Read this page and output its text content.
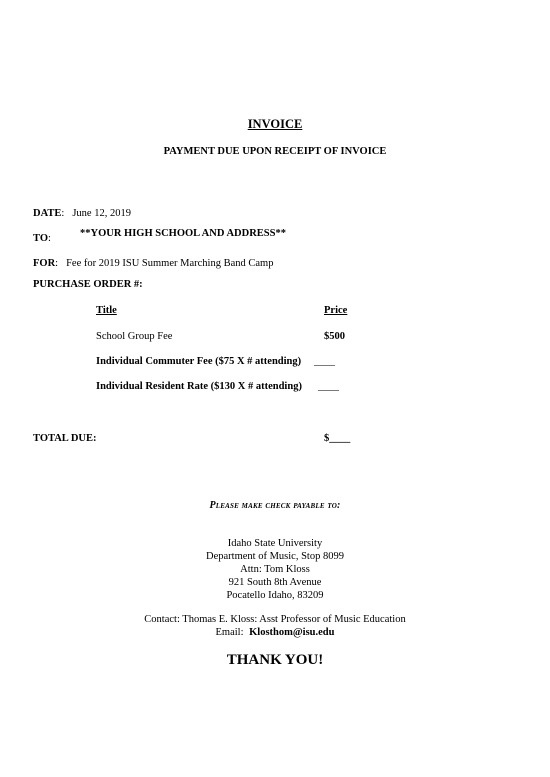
INVOICE
PAYMENT DUE UPON RECEIPT OF INVOICE
DATE: June 12, 2019
TO:	**YOUR HIGH SCHOOL AND ADDRESS**
FOR: Fee for 2019 ISU Summer Marching Band Camp
PURCHASE ORDER #:
Title	Price
School Group Fee	$500
Individual Commuter Fee ($75 X # attending) ____
Individual Resident Rate ($130 X # attending) ____
TOTAL DUE:	$____
Please make check payable to:
Idaho State University
Department of Music, Stop 8099
Attn: Tom Kloss
921 South 8th Avenue
Pocatello Idaho, 83209
Contact: Thomas E. Kloss: Asst Professor of Music Education
Email: Klosthom@isu.edu
THANK YOU!
